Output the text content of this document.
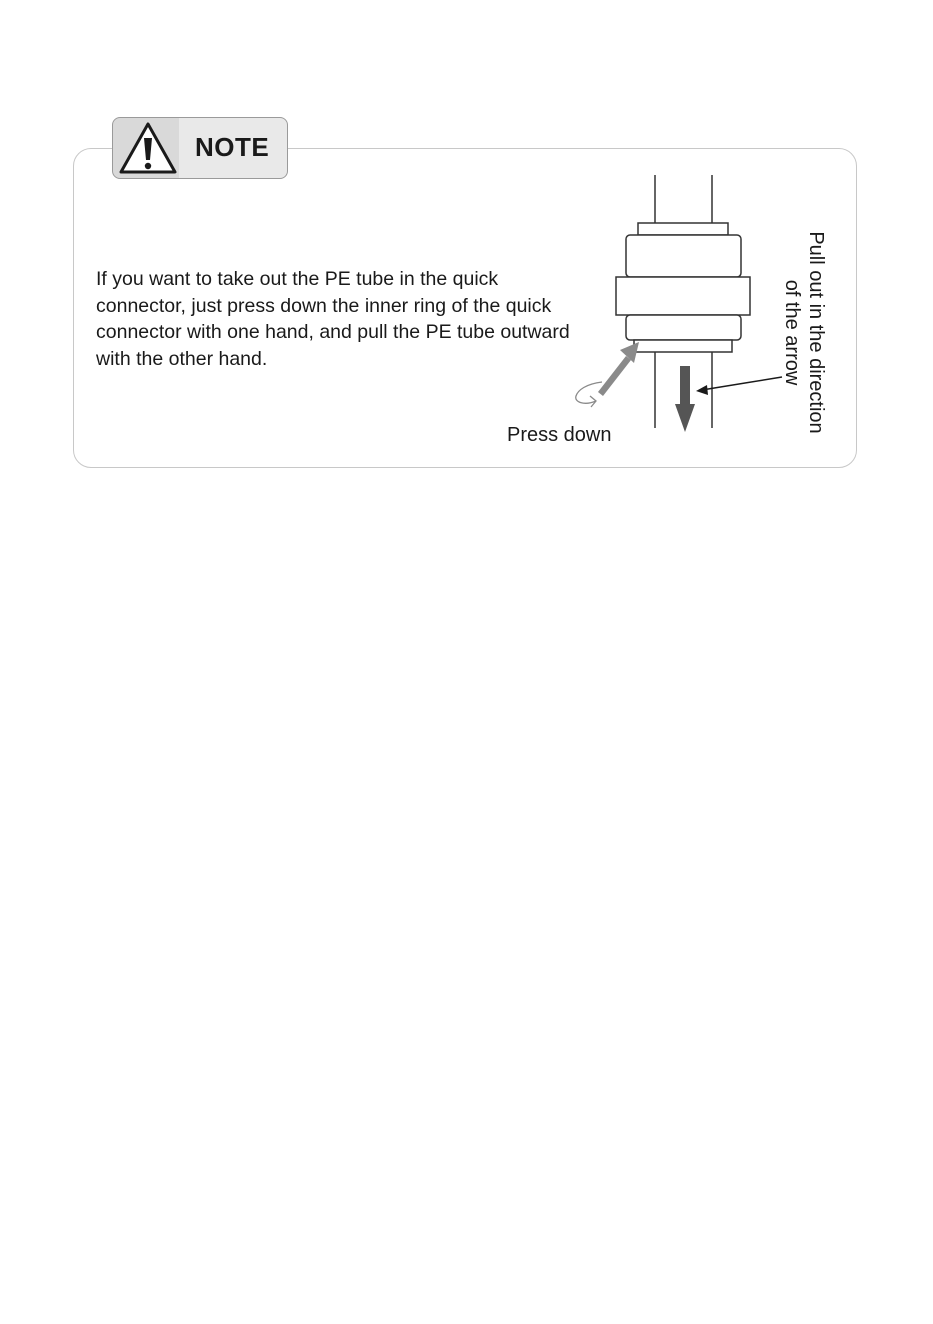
NOTE

If you want to take out the PE tube in the quick connector, just press down the inner ring of the quick connector with one hand, and pull the PE tube outward with the other hand.

Press down
Pull out in the direction
of the arrow
